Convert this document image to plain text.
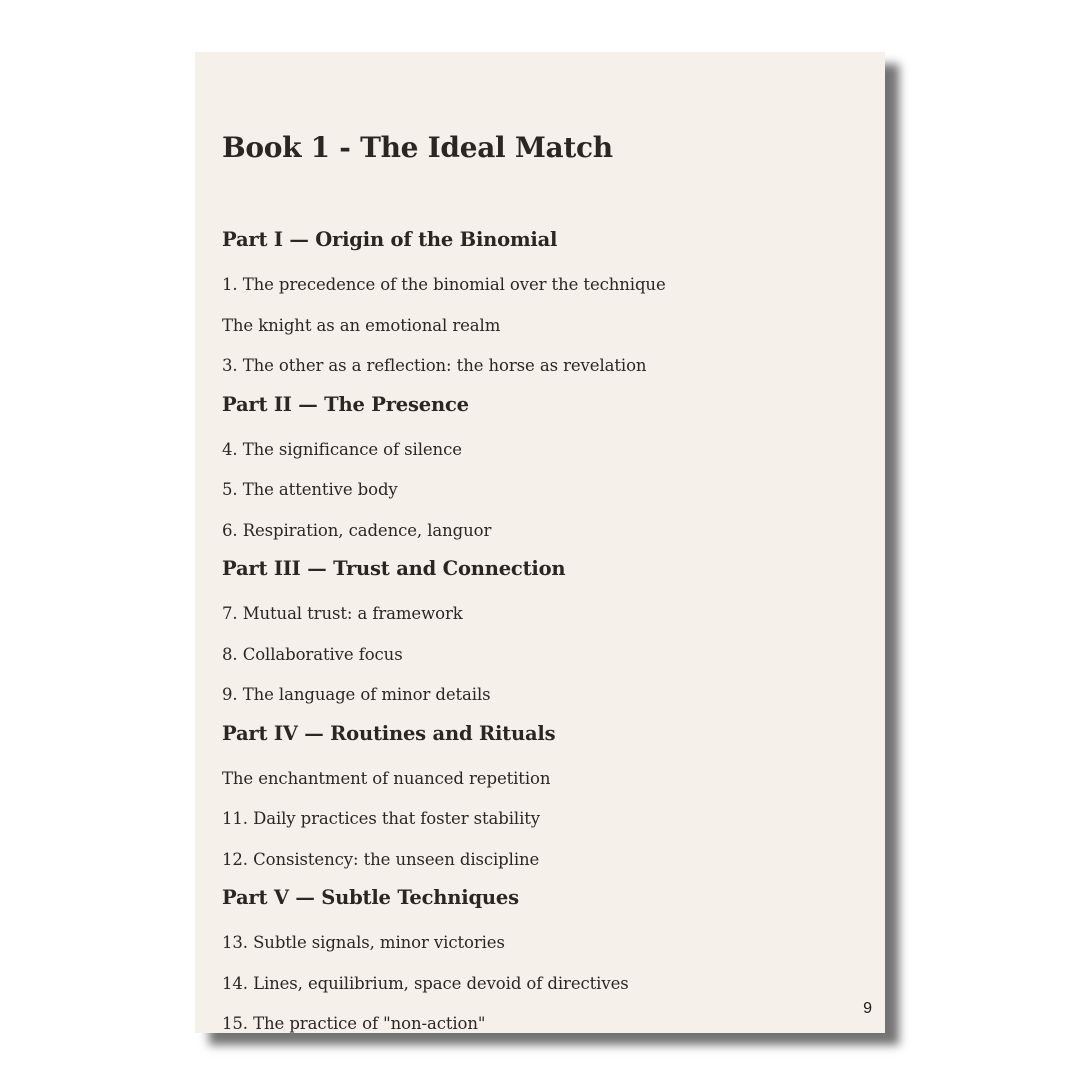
Book 1 - The Ideal Match
Part I — Origin of the Binomial
1. The precedence of the binomial over the technique
The knight as an emotional realm
3. The other as a reflection: the horse as revelation
Part II — The Presence
4. The significance of silence
5. The attentive body
6. Respiration, cadence, languor
Part III — Trust and Connection
7. Mutual trust: a framework
8. Collaborative focus
9. The language of minor details
Part IV — Routines and Rituals
The enchantment of nuanced repetition
11. Daily practices that foster stability
12. Consistency: the unseen discipline
Part V — Subtle Techniques
13. Subtle signals, minor victories
14. Lines, equilibrium, space devoid of directives
15. The practice of "non-action"
9
